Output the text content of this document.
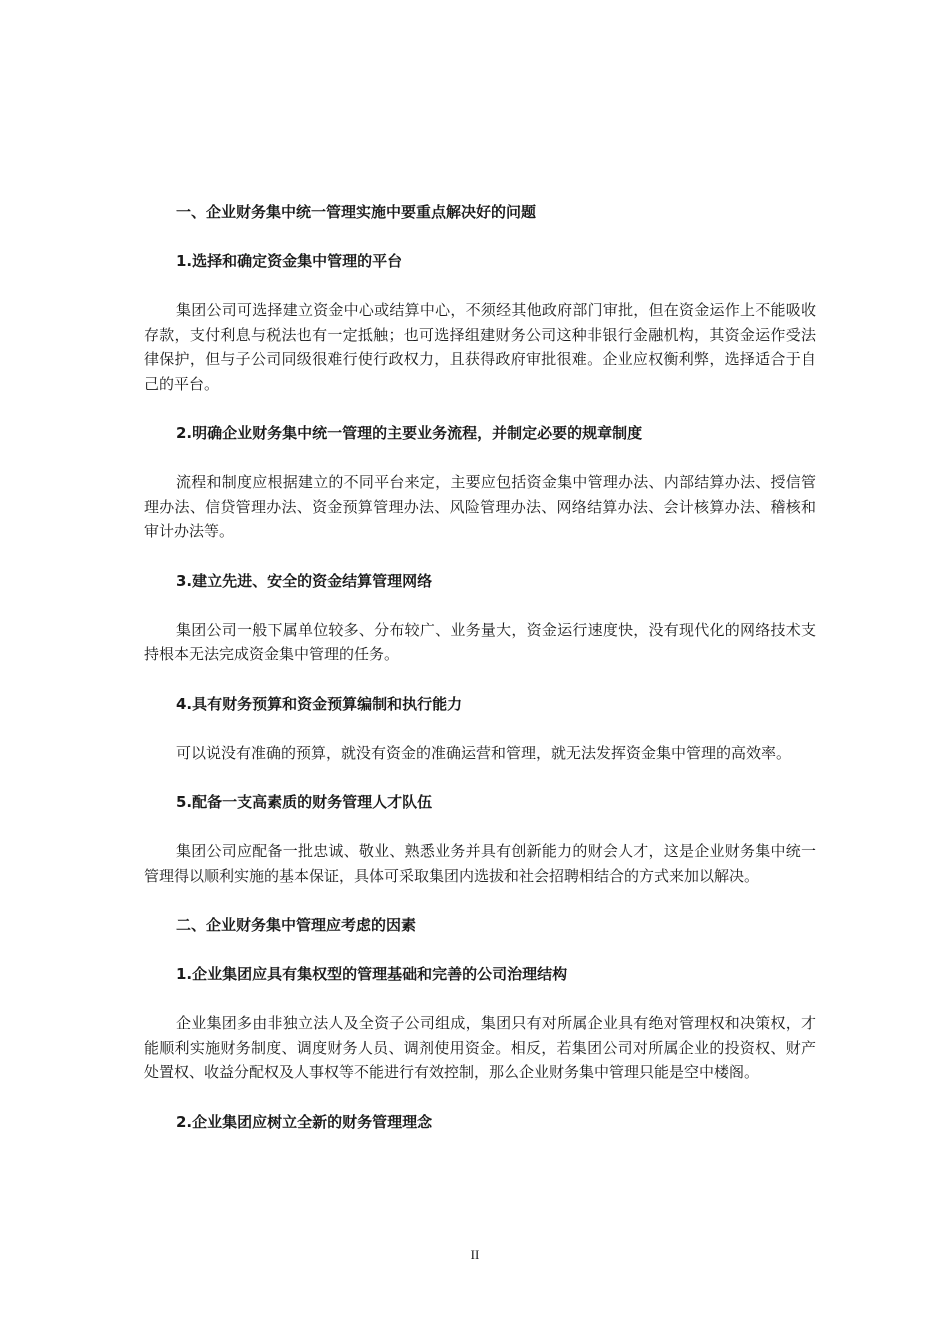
一、企业财务集中统一管理实施中要重点解决好的问题

1.选择和确定资金集中管理的平台

集团公司可选择建立资金中心或结算中心，不须经其他政府部门审批，但在资金运作上不能吸收存款，支付利息与税法也有一定抵触；也可选择组建财务公司这种非银行金融机构，其资金运作受法律保护，但与子公司同级很难行使行政权力，且获得政府审批很难。企业应权衡利弊，选择适合于自己的平台。

2.明确企业财务集中统一管理的主要业务流程，并制定必要的规章制度

流程和制度应根据建立的不同平台来定，主要应包括资金集中管理办法、内部结算办法、授信管理办法、信贷管理办法、资金预算管理办法、风险管理办法、网络结算办法、会计核算办法、稽核和审计办法等。

3.建立先进、安全的资金结算管理网络

集团公司一般下属单位较多、分布较广、业务量大，资金运行速度快，没有现代化的网络技术支持根本无法完成资金集中管理的任务。

4.具有财务预算和资金预算编制和执行能力

可以说没有准确的预算，就没有资金的准确运营和管理，就无法发挥资金集中管理的高效率。

5.配备一支高素质的财务管理人才队伍

集团公司应配备一批忠诚、敬业、熟悉业务并具有创新能力的财会人才，这是企业财务集中统一管理得以顺利实施的基本保证，具体可采取集团内选拔和社会招聘相结合的方式来加以解决。

二、企业财务集中管理应考虑的因素

1.企业集团应具有集权型的管理基础和完善的公司治理结构

企业集团多由非独立法人及全资子公司组成，集团只有对所属企业具有绝对管理权和决策权，才能顺利实施财务制度、调度财务人员、调剂使用资金。相反，若集团公司对所属企业的投资权、财产处置权、收益分配权及人事权等不能进行有效控制，那么企业财务集中管理只能是空中楼阁。

2.企业集团应树立全新的财务管理理念

II
